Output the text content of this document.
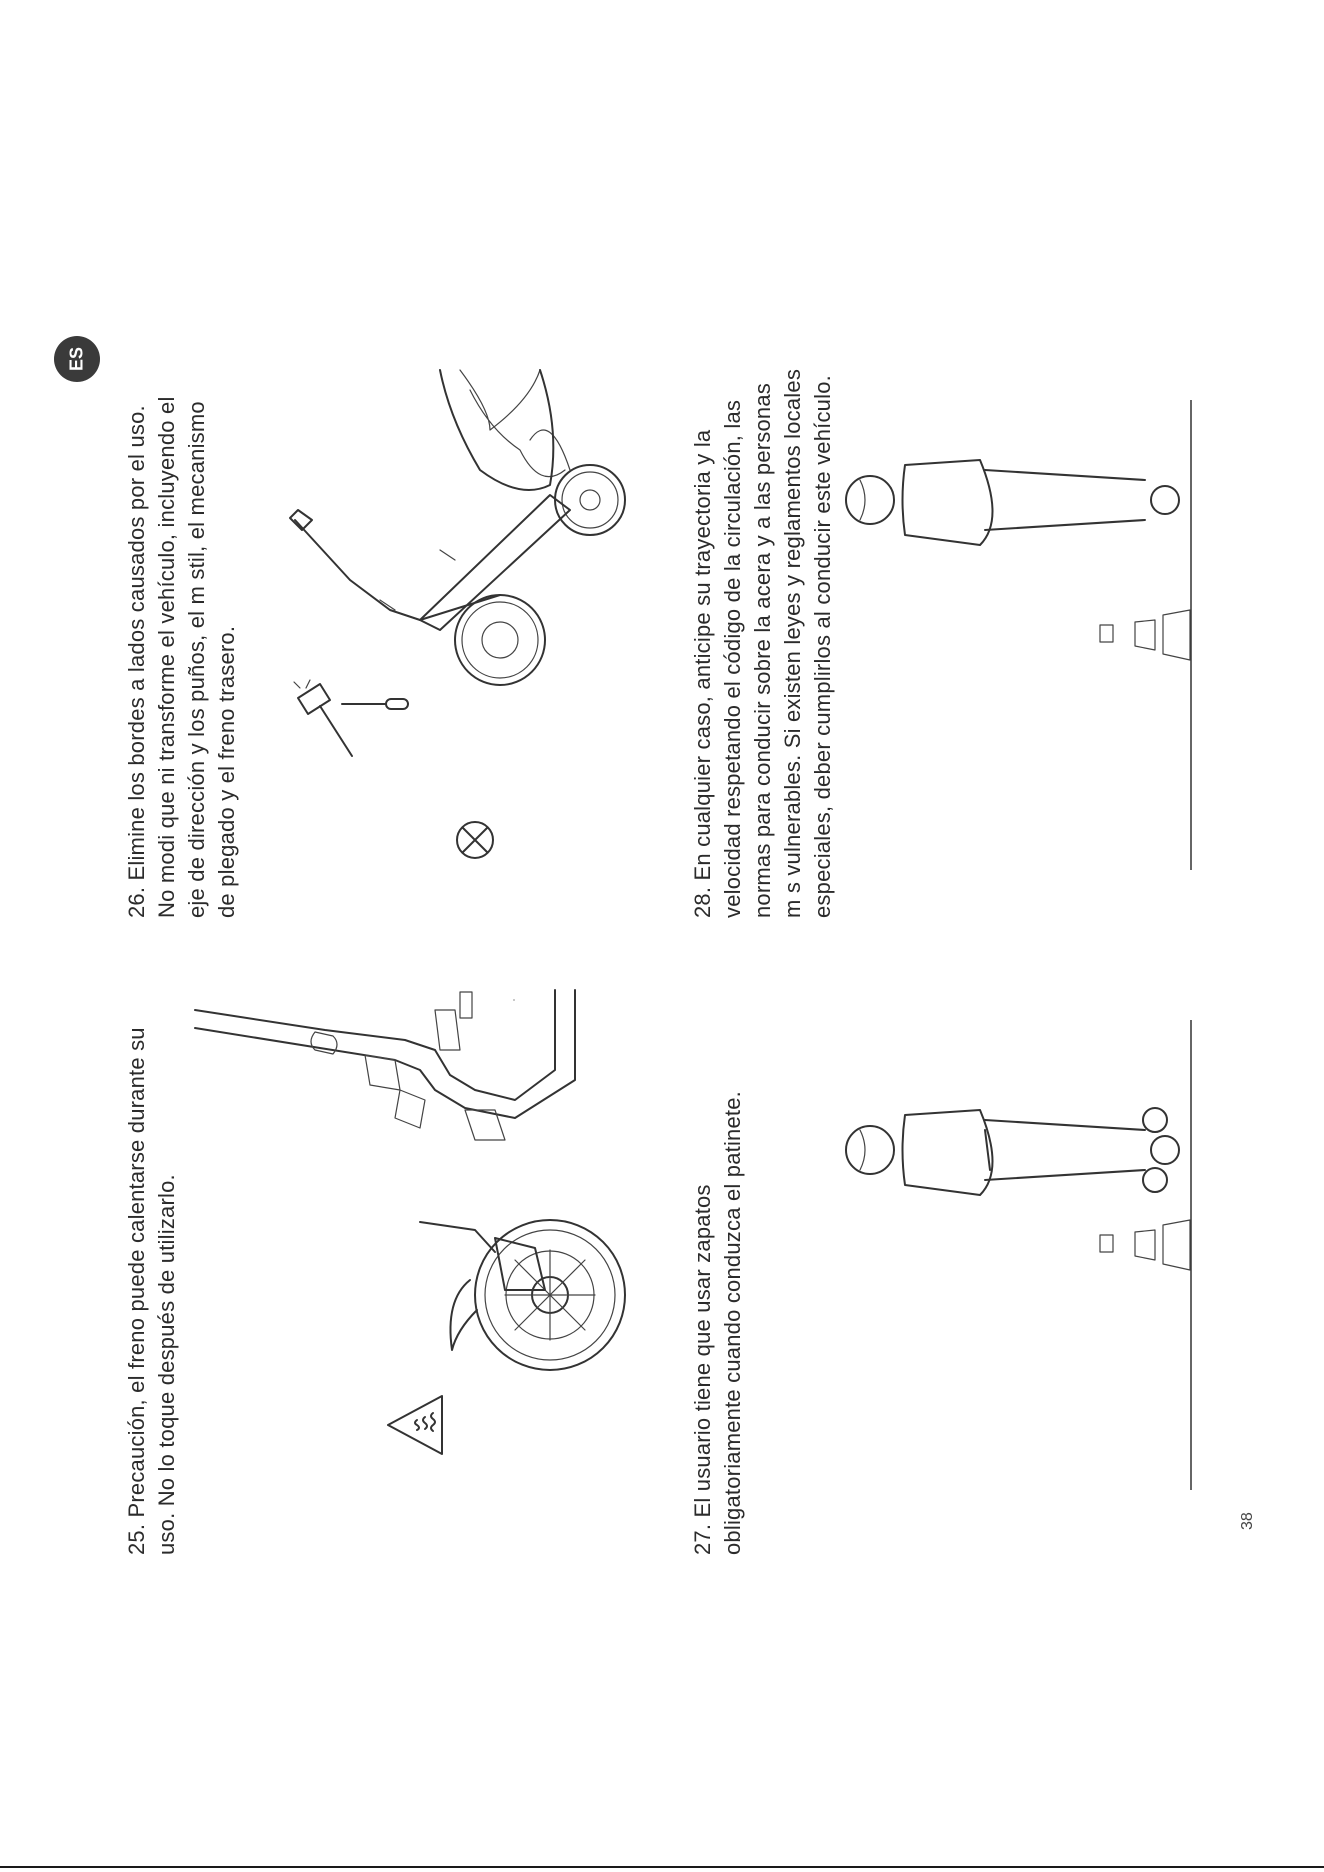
ES
25. Precaución, el freno puede calentarse durante su uso. No lo toque después de utilizarlo.
26. Elimine los bordes a lados causados por el uso. No modi que ni transforme el vehículo, incluyendo el eje de dirección y los puños, el m stil, el mecanismo de plegado y el freno trasero.
27. El usuario tiene que usar zapatos obligatoriamente cuando conduzca el patinete.
28. En cualquier caso, anticipe su trayectoria y la velocidad respetando el código de la circulación, las normas para conducir sobre la acera y a las personas m s vulnerables. Si existen leyes y reglamentos locales especiales, deber cumplirlos al conducir este vehículo.
38
